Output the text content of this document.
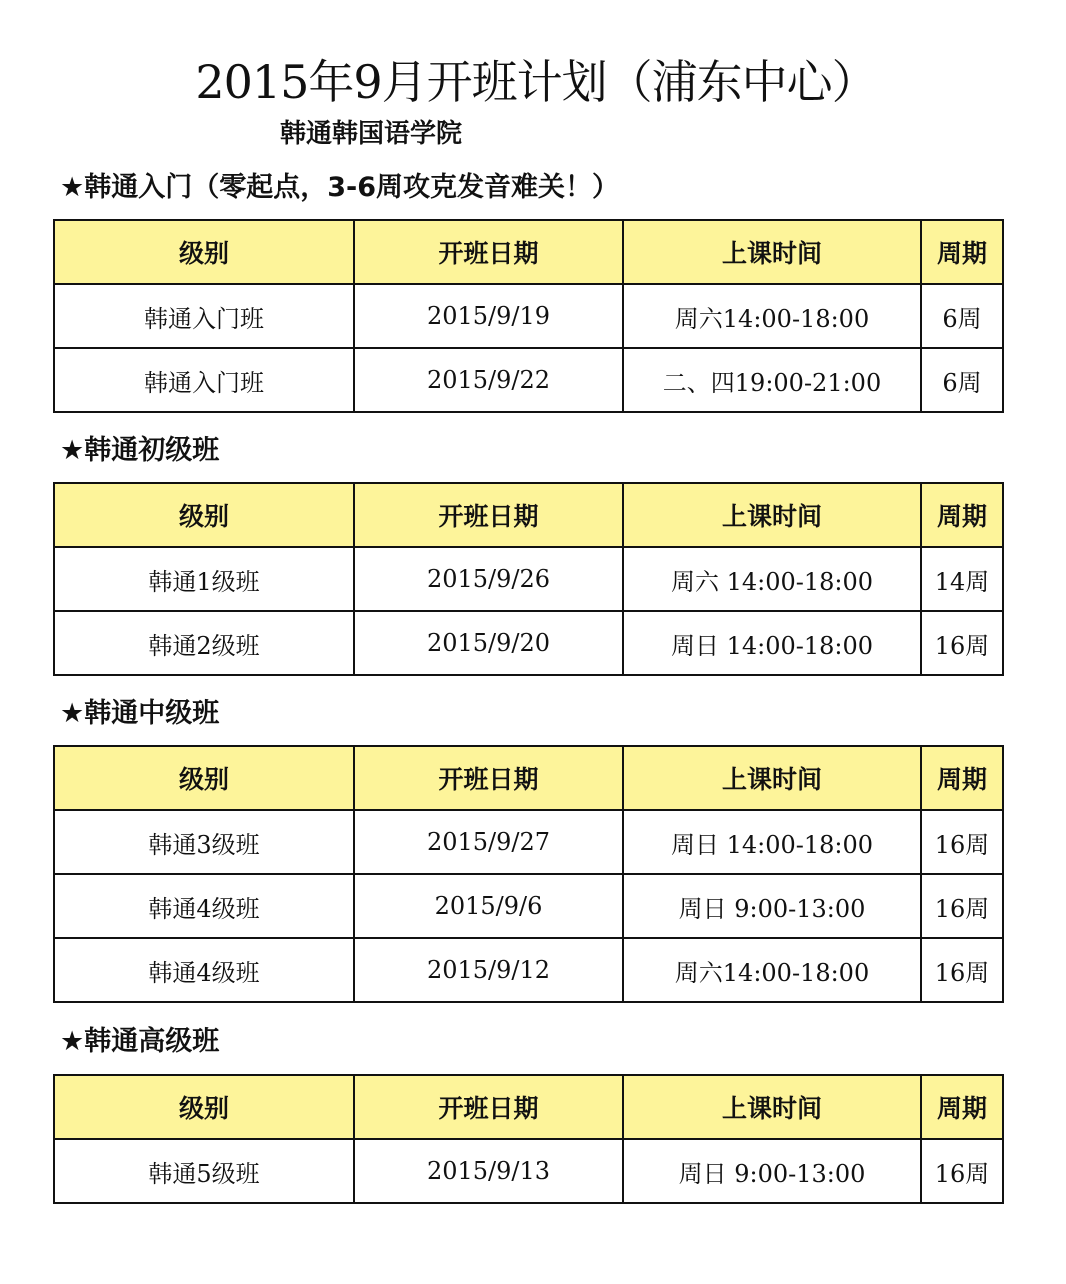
2015年9月开班计划（浦东中心）
韩通韩国语学院
★韩通入门（零起点，3-6周攻克发音难关！）
级别	开班日期	上课时间	周期
韩通入门班	2015/9/19	周六14:00-18:00	6周
韩通入门班	2015/9/22	二、四19:00-21:00	6周
★韩通初级班
级别	开班日期	上课时间	周期
韩通1级班	2015/9/26	周六 14:00-18:00	14周
韩通2级班	2015/9/20	周日 14:00-18:00	16周
★韩通中级班
级别	开班日期	上课时间	周期
韩通3级班	2015/9/27	周日 14:00-18:00	16周
韩通4级班	2015/9/6	周日 9:00-13:00	16周
韩通4级班	2015/9/12	周六14:00-18:00	16周
★韩通高级班
级别	开班日期	上课时间	周期
韩通5级班	2015/9/13	周日 9:00-13:00	16周
